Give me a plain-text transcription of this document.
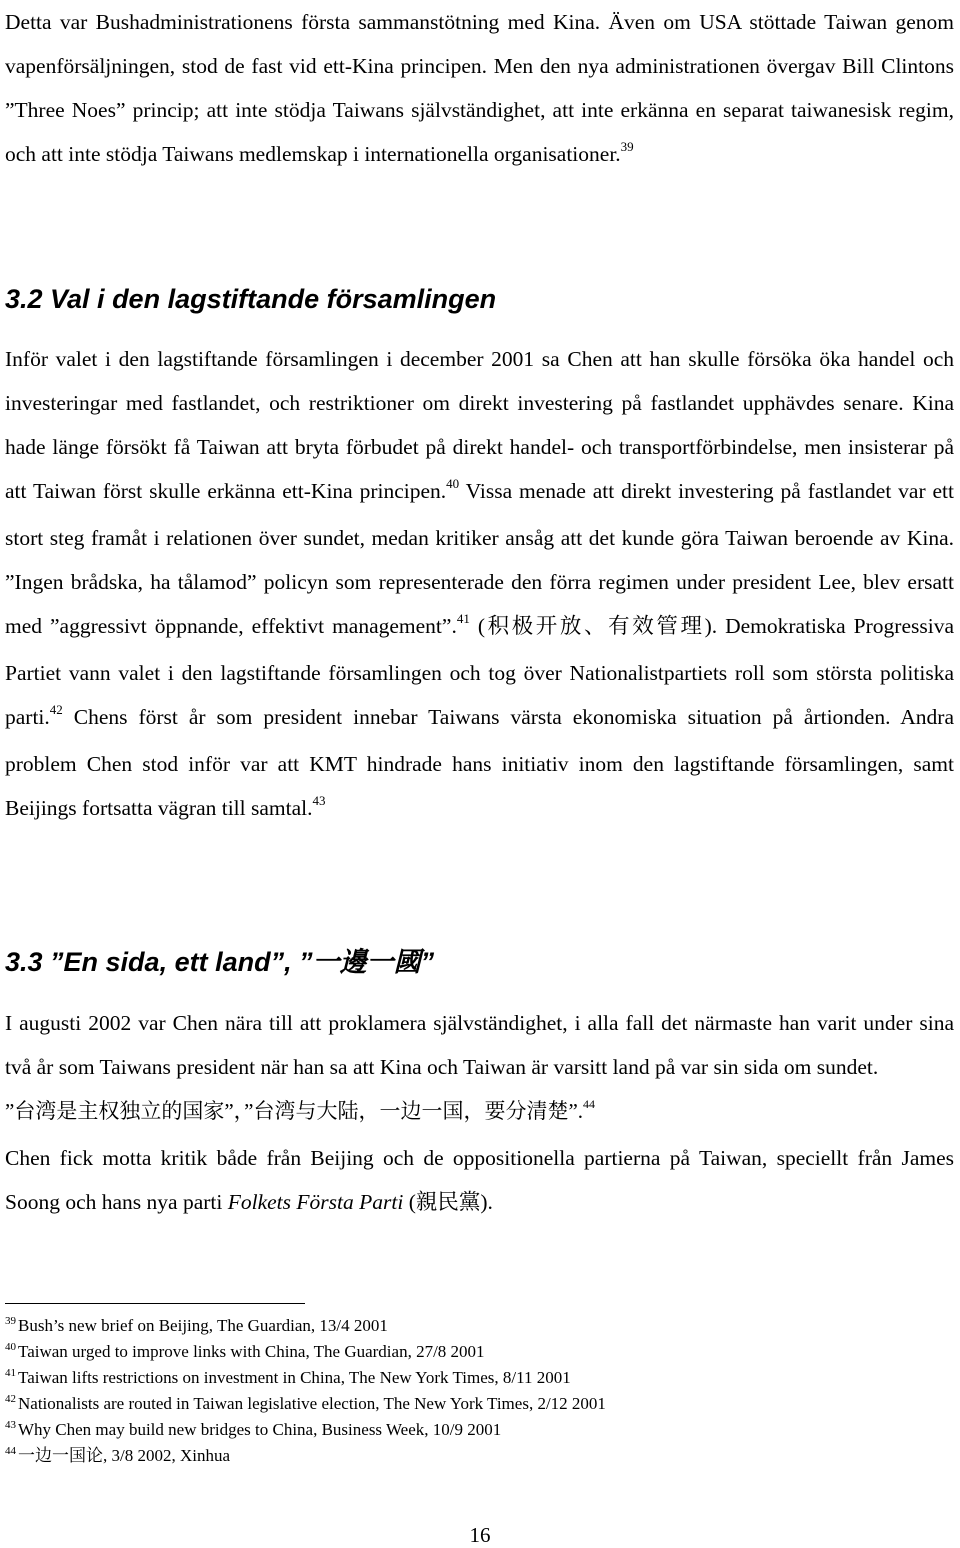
Detta var Bushadministrationens första sammanstötning med Kina. Även om USA stöttade Taiwan genom vapenförsäljningen, stod de fast vid ett-Kina principen. Men den nya administrationen övergav Bill Clintons ”Three Noes” princip; att inte stödja Taiwans självständighet, att inte erkänna en separat taiwanesisk regim, och att inte stödja Taiwans medlemskap i internationella organisationer.$^{39}$

3.2 Val i den lagstiftande församlingen

Inför valet i den lagstiftande församlingen i december 2001 sa Chen att han skulle försöka öka handel och investeringar med fastlandet, och restriktioner om direkt investering på fastlandet upphävdes senare. Kina hade länge försökt få Taiwan att bryta förbudet på direkt handel- och transportförbindelse, men insisterar på att Taiwan först skulle erkänna ett-Kina principen.$^{40}$ Vissa menade att direkt investering på fastlandet var ett stort steg framåt i relationen över sundet, medan kritiker ansåg att det kunde göra Taiwan beroende av Kina. ”Ingen brådska, ha tålamod” policyn som representerade den förra regimen under president Lee, blev ersatt med ”aggressivt öppnande, effektivt management”.$^{41}$ (积极开放、有效管理). Demokratiska Progressiva Partiet vann valet i den lagstiftande församlingen och tog över Nationalistpartiets roll som största politiska parti.$^{42}$ Chens först år som president innebar Taiwans värsta ekonomiska situation på årtionden. Andra problem Chen stod inför var att KMT hindrade hans initiativ inom den lagstiftande församlingen, samt Beijings fortsatta vägran till samtal.$^{43}$

3.3 ”En sida, ett land”, ”一邊一國”

I augusti 2002 var Chen nära till att proklamera självständighet, i alla fall det närmaste han varit under sina två år som Taiwans president när han sa att Kina och Taiwan är varsitt land på var sin sida om sundet.

”台湾是主权独立的国家”，”台湾与大陆，一边一国，要分清楚”.$^{44}$

Chen fick motta kritik både från Beijing och de oppositionella partierna på Taiwan, speciellt från James Soong och hans nya parti Folkets Första Parti (親民黨).

$^{39}$ Bush’s new brief on Beijing, The Guardian, 13/4 2001

$^{40}$ Taiwan urged to improve links with China, The Guardian, 27/8 2001

$^{41}$ Taiwan lifts restrictions on investment in China, The New York Times, 8/11 2001

$^{42}$ Nationalists are routed in Taiwan legislative election, The New York Times, 2/12 2001

$^{43}$ Why Chen may build new bridges to China, Business Week, 10/9 2001

$^{44}$ 一边一国论, 3/8 2002, Xinhua

16
